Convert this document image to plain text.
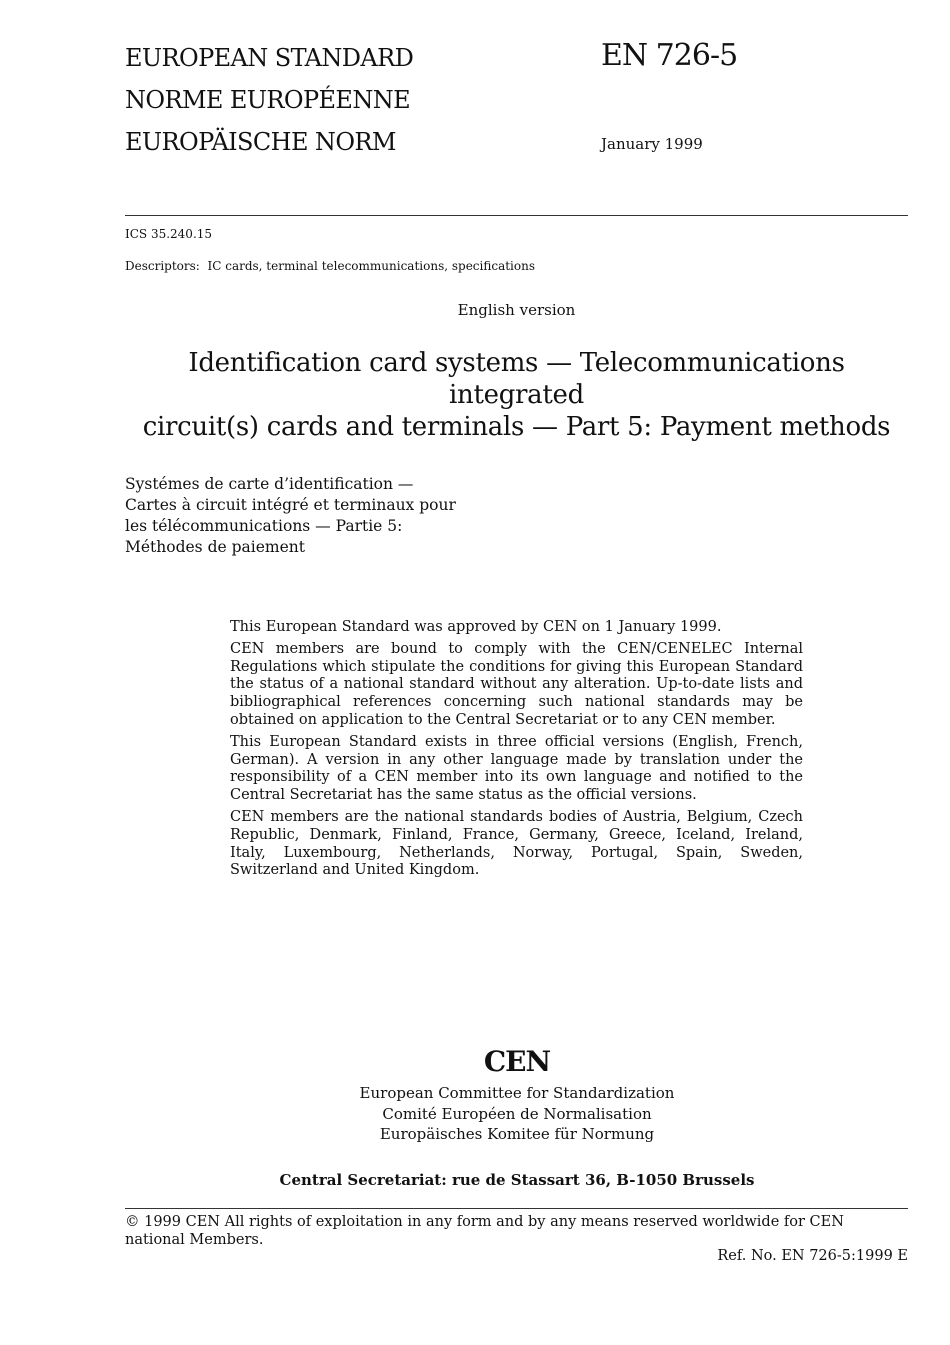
EUROPEAN STANDARD
NORME EUROPÉENNE
EUROPÄISCHE NORM
EN 726-5
January 1999
ICS 35.240.15
Descriptors: IC cards, terminal telecommunications, specifications
English version
Identification card systems — Telecommunications integrated
circuit(s) cards and terminals — Part 5: Payment methods
Systémes de carte d’identification — Cartes à circuit intégré et terminaux pour les télécommunications — Partie 5: Méthodes de paiement

This European Standard was approved by CEN on 1 January 1999.

CEN members are bound to comply with the CEN/CENELEC Internal Regulations which stipulate the conditions for giving this European Standard the status of a national standard without any alteration. Up-to-date lists and bibliographical references concerning such national standards may be obtained on application to the Central Secretariat or to any CEN member.

This European Standard exists in three official versions (English, French, German). A version in any other language made by translation under the responsibility of a CEN member into its own language and notified to the Central Secretariat has the same status as the official versions.

CEN members are the national standards bodies of Austria, Belgium, Czech Republic, Denmark, Finland, France, Germany, Greece, Iceland, Ireland, Italy, Luxembourg, Netherlands, Norway, Portugal, Spain, Sweden, Switzerland and United Kingdom.

CEN
European Committee for Standardization
Comité Européen de Normalisation
Europäisches Komitee für Normung
Central Secretariat: rue de Stassart 36, B-1050 Brussels
© 1999 CEN All rights of exploitation in any form and by any means reserved worldwide for CEN national Members.
Ref. No. EN 726-5:1999 E
